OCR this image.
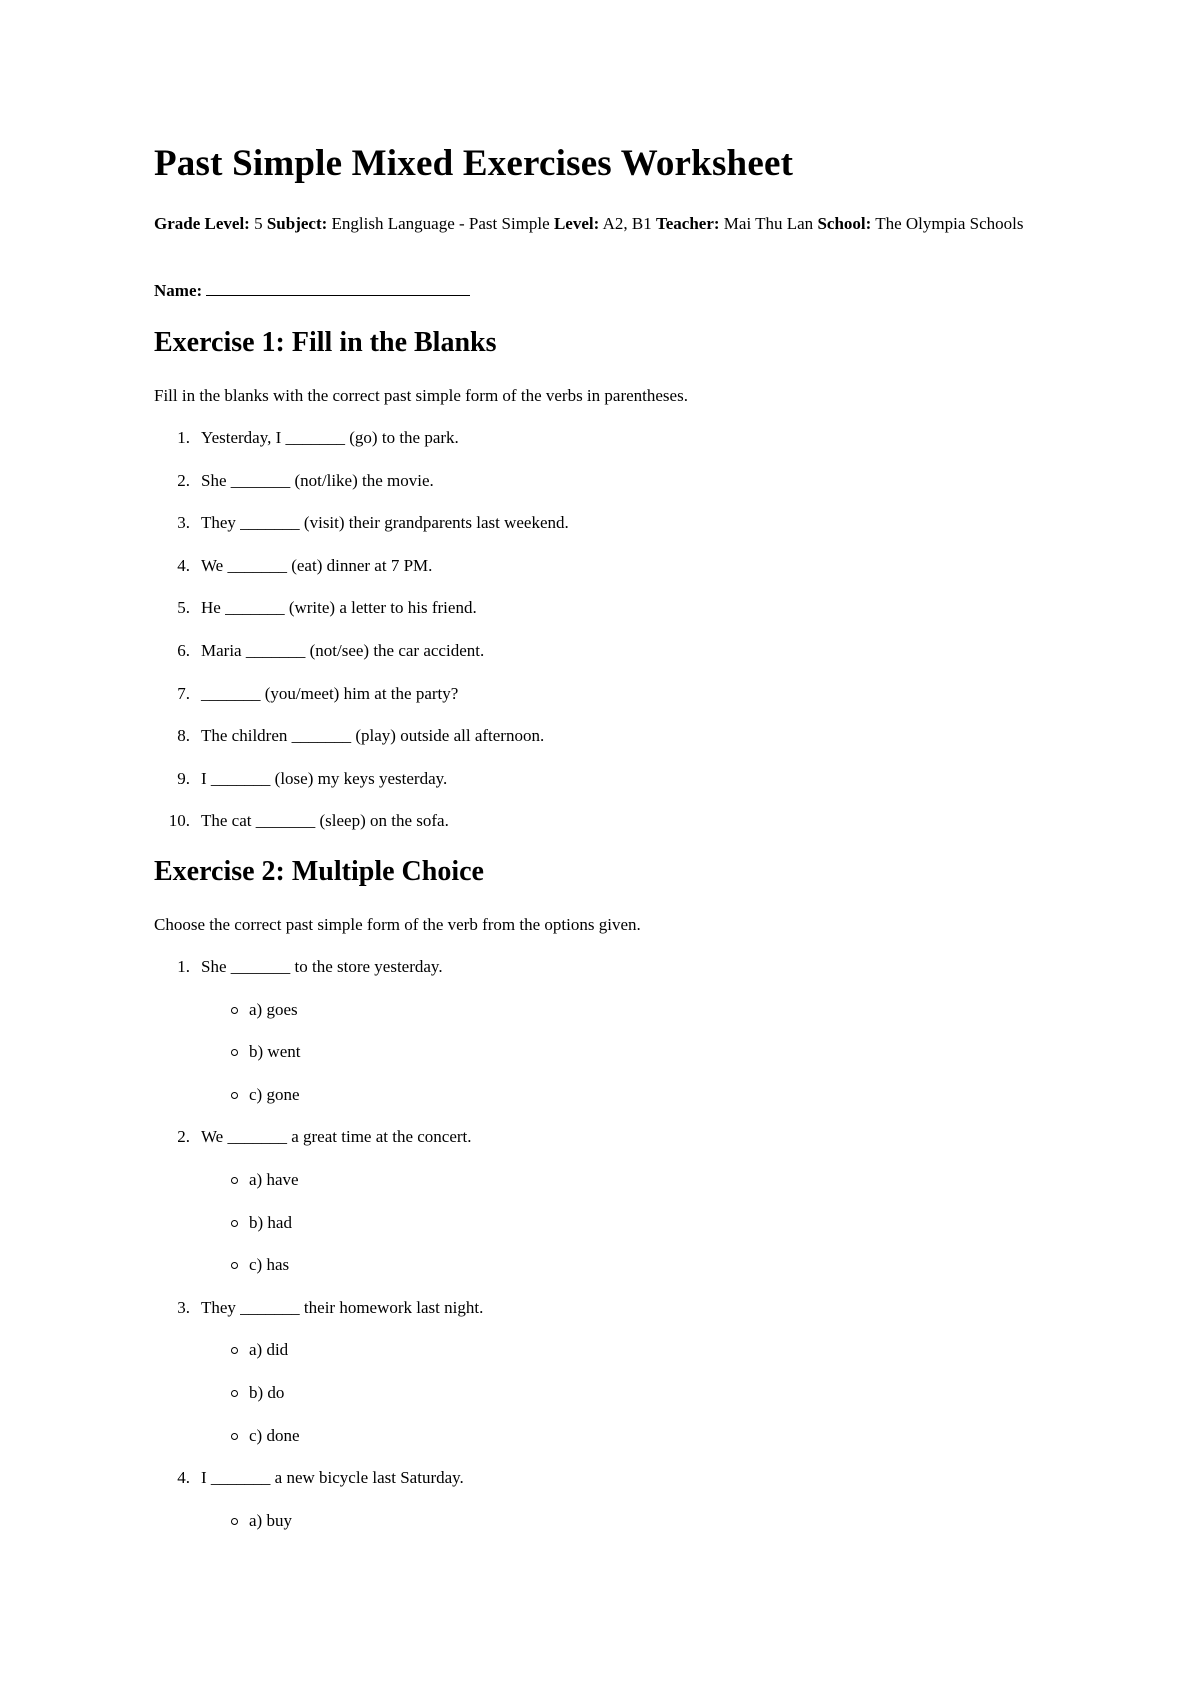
Past Simple Mixed Exercises Worksheet

Grade Level: 5 Subject: English Language - Past Simple Level: A2, B1 Teacher: Mai Thu Lan School: The Olympia Schools

Name:

Exercise 1: Fill in the Blanks

Fill in the blanks with the correct past simple form of the verbs in parentheses.

1. Yesterday, I _______ (go) to the park.
2. She _______ (not/like) the movie.
3. They _______ (visit) their grandparents last weekend.
4. We _______ (eat) dinner at 7 PM.
5. He _______ (write) a letter to his friend.
6. Maria _______ (not/see) the car accident.
7. _______ (you/meet) him at the party?
8. The children _______ (play) outside all afternoon.
9. I _______ (lose) my keys yesterday.
10. The cat _______ (sleep) on the sofa.
Exercise 2: Multiple Choice

Choose the correct past simple form of the verb from the options given.

1. She _______ to the store yesterday.
a) goes
b) went
c) gone
2. We _______ a great time at the concert.
a) have
b) had
c) has
3. They _______ their homework last night.
a) did
b) do
c) done
4. I _______ a new bicycle last Saturday.
a) buy
